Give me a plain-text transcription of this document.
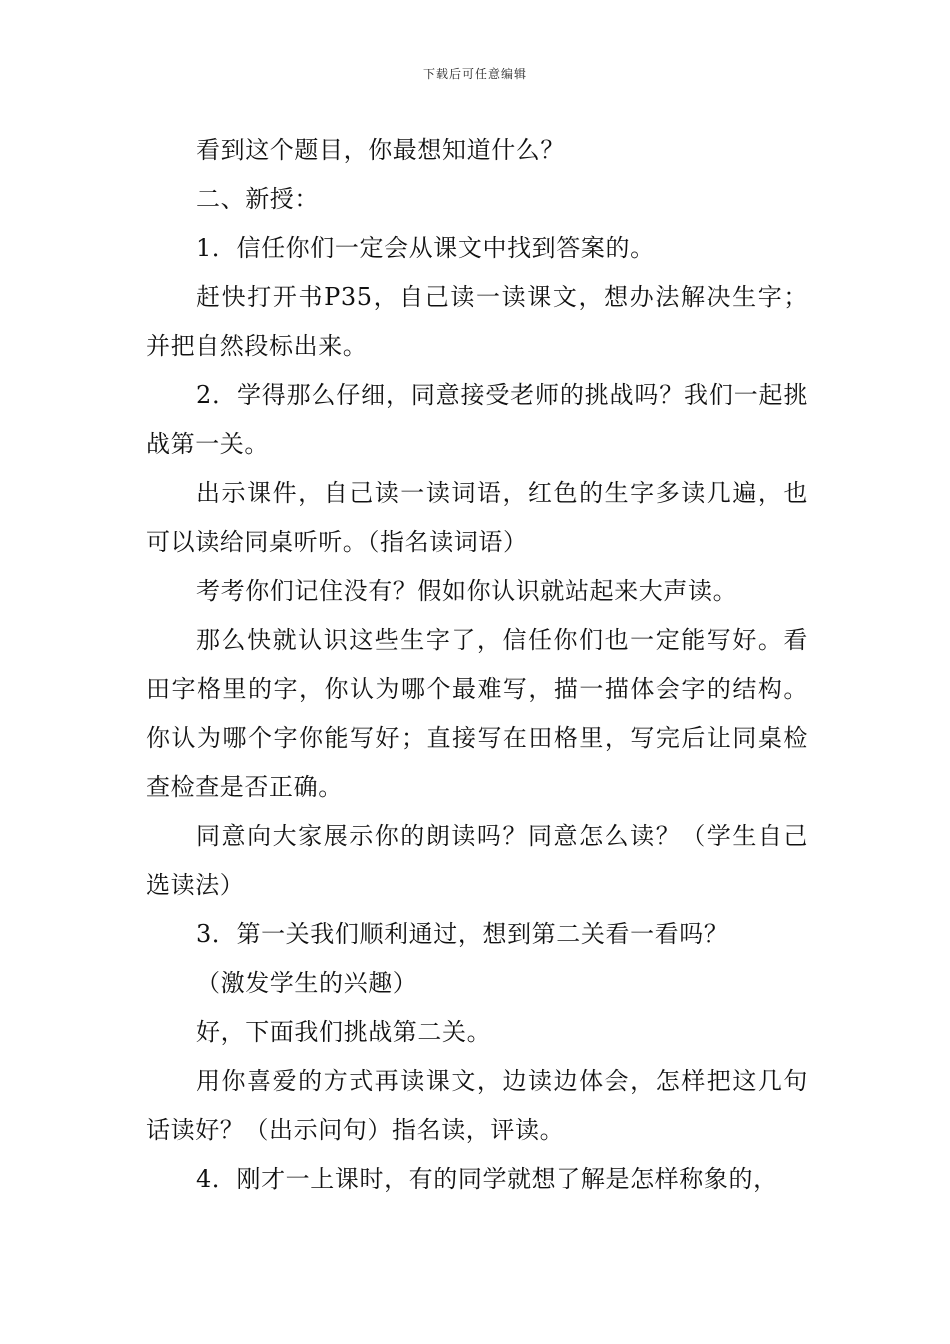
下载后可任意编辑

看到这个题目，你最想知道什么？

二、新授：

1．信任你们一定会从课文中找到答案的。

赶快打开书P35，自己读一读课文，想办法解决生字；并把自然段标出来。

2．学得那么仔细，同意接受老师的挑战吗？我们一起挑战第一关。

出示课件，自己读一读词语，红色的生字多读几遍，也可以读给同桌听听。（指名读词语）

考考你们记住没有？假如你认识就站起来大声读。

那么快就认识这些生字了，信任你们也一定能写好。看田字格里的字，你认为哪个最难写，描一描体会字的结构。你认为哪个字你能写好；直接写在田格里，写完后让同桌检查检查是否正确。

同意向大家展示你的朗读吗？同意怎么读？（学生自己选读法）

3．第一关我们顺利通过，想到第二关看一看吗？

（激发学生的兴趣）

好，下面我们挑战第二关。

用你喜爱的方式再读课文，边读边体会，怎样把这几句话读好？（出示问句）指名读，评读。

4．刚才一上课时，有的同学就想了解是怎样称象的，
